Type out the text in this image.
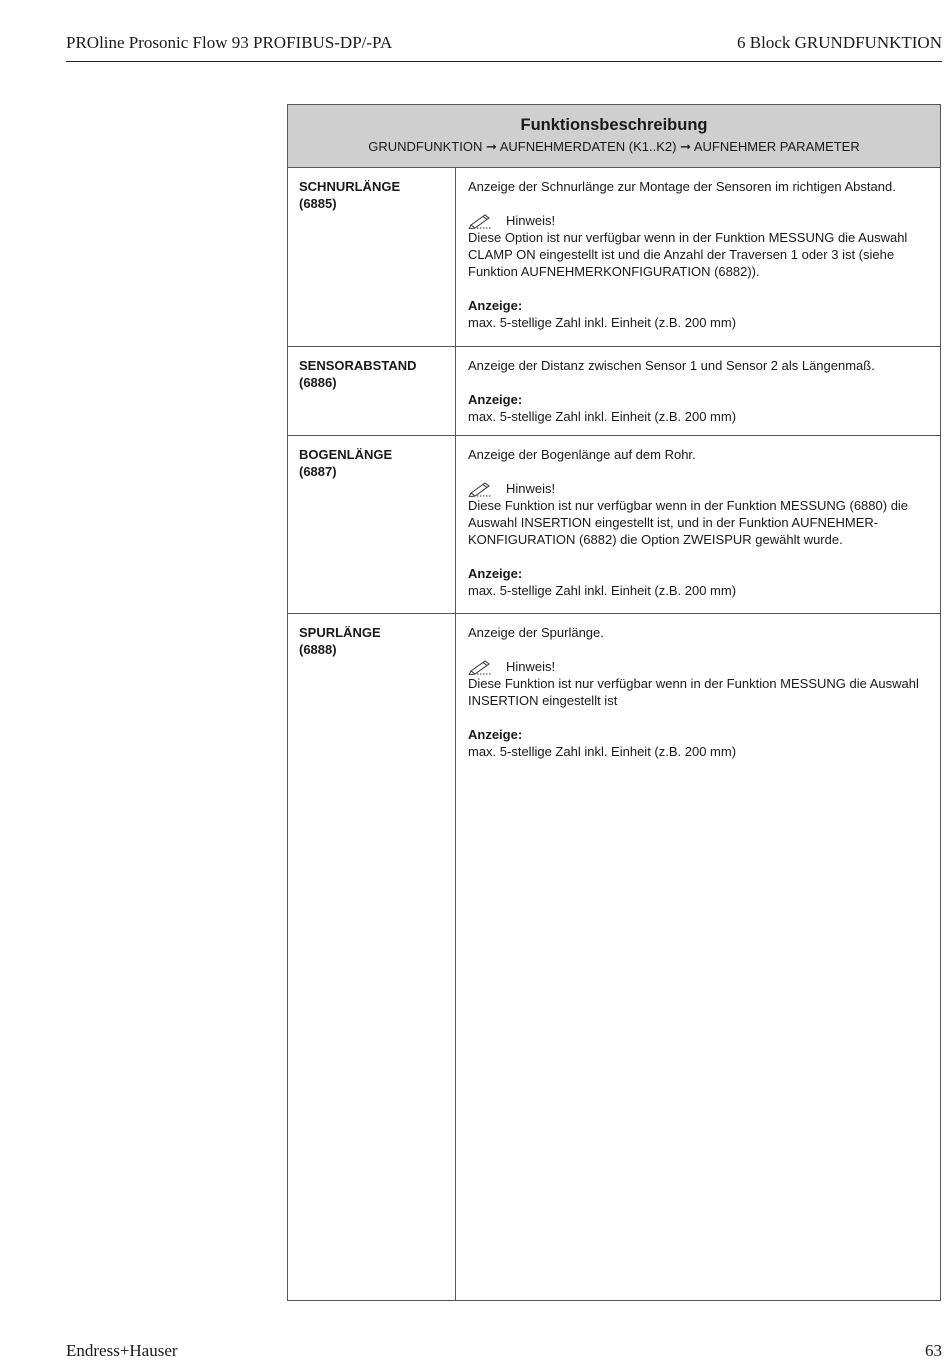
PROline Prosonic Flow 93 PROFIBUS-DP/-PA	6 Block GRUNDFUNKTION
Funktionsbeschreibung
GRUNDFUNKTION ➞ AUFNEHMERDATEN (K1..K2) ➞ AUFNEHMER PARAMETER
SCHNURLÄNGE
(6885)

Anzeige der Schnurlänge zur Montage der Sensoren im richtigen Abstand.

Hinweis!

Diese Option ist nur verfügbar wenn in der Funktion MESSUNG die Auswahl CLAMP ON eingestellt ist und die Anzahl der Traversen 1 oder 3 ist (siehe Funktion AUFNEHMERKONFIGURATION (6882)).

Anzeige:

max. 5-stellige Zahl inkl. Einheit (z.B. 200 mm)

SENSORABSTAND
(6886)

Anzeige der Distanz zwischen Sensor 1 und Sensor 2 als Längenmaß.

Anzeige:

max. 5-stellige Zahl inkl. Einheit (z.B. 200 mm)

BOGENLÄNGE
(6887)

Anzeige der Bogenlänge auf dem Rohr.

Hinweis!

Diese Funktion ist nur verfügbar wenn in der Funktion MESSUNG (6880) die Auswahl INSERTION eingestellt ist, und in der Funktion AUFNEHMER-KONFIGURATION (6882) die Option ZWEISPUR gewählt wurde.

Anzeige:

max. 5-stellige Zahl inkl. Einheit (z.B. 200 mm)

SPURLÄNGE
(6888)

Anzeige der Spurlänge.

Hinweis!

Diese Funktion ist nur verfügbar wenn in der Funktion MESSUNG die Auswahl INSERTION eingestellt ist

Anzeige:

max. 5-stellige Zahl inkl. Einheit (z.B. 200 mm)

Endress+Hauser	63
